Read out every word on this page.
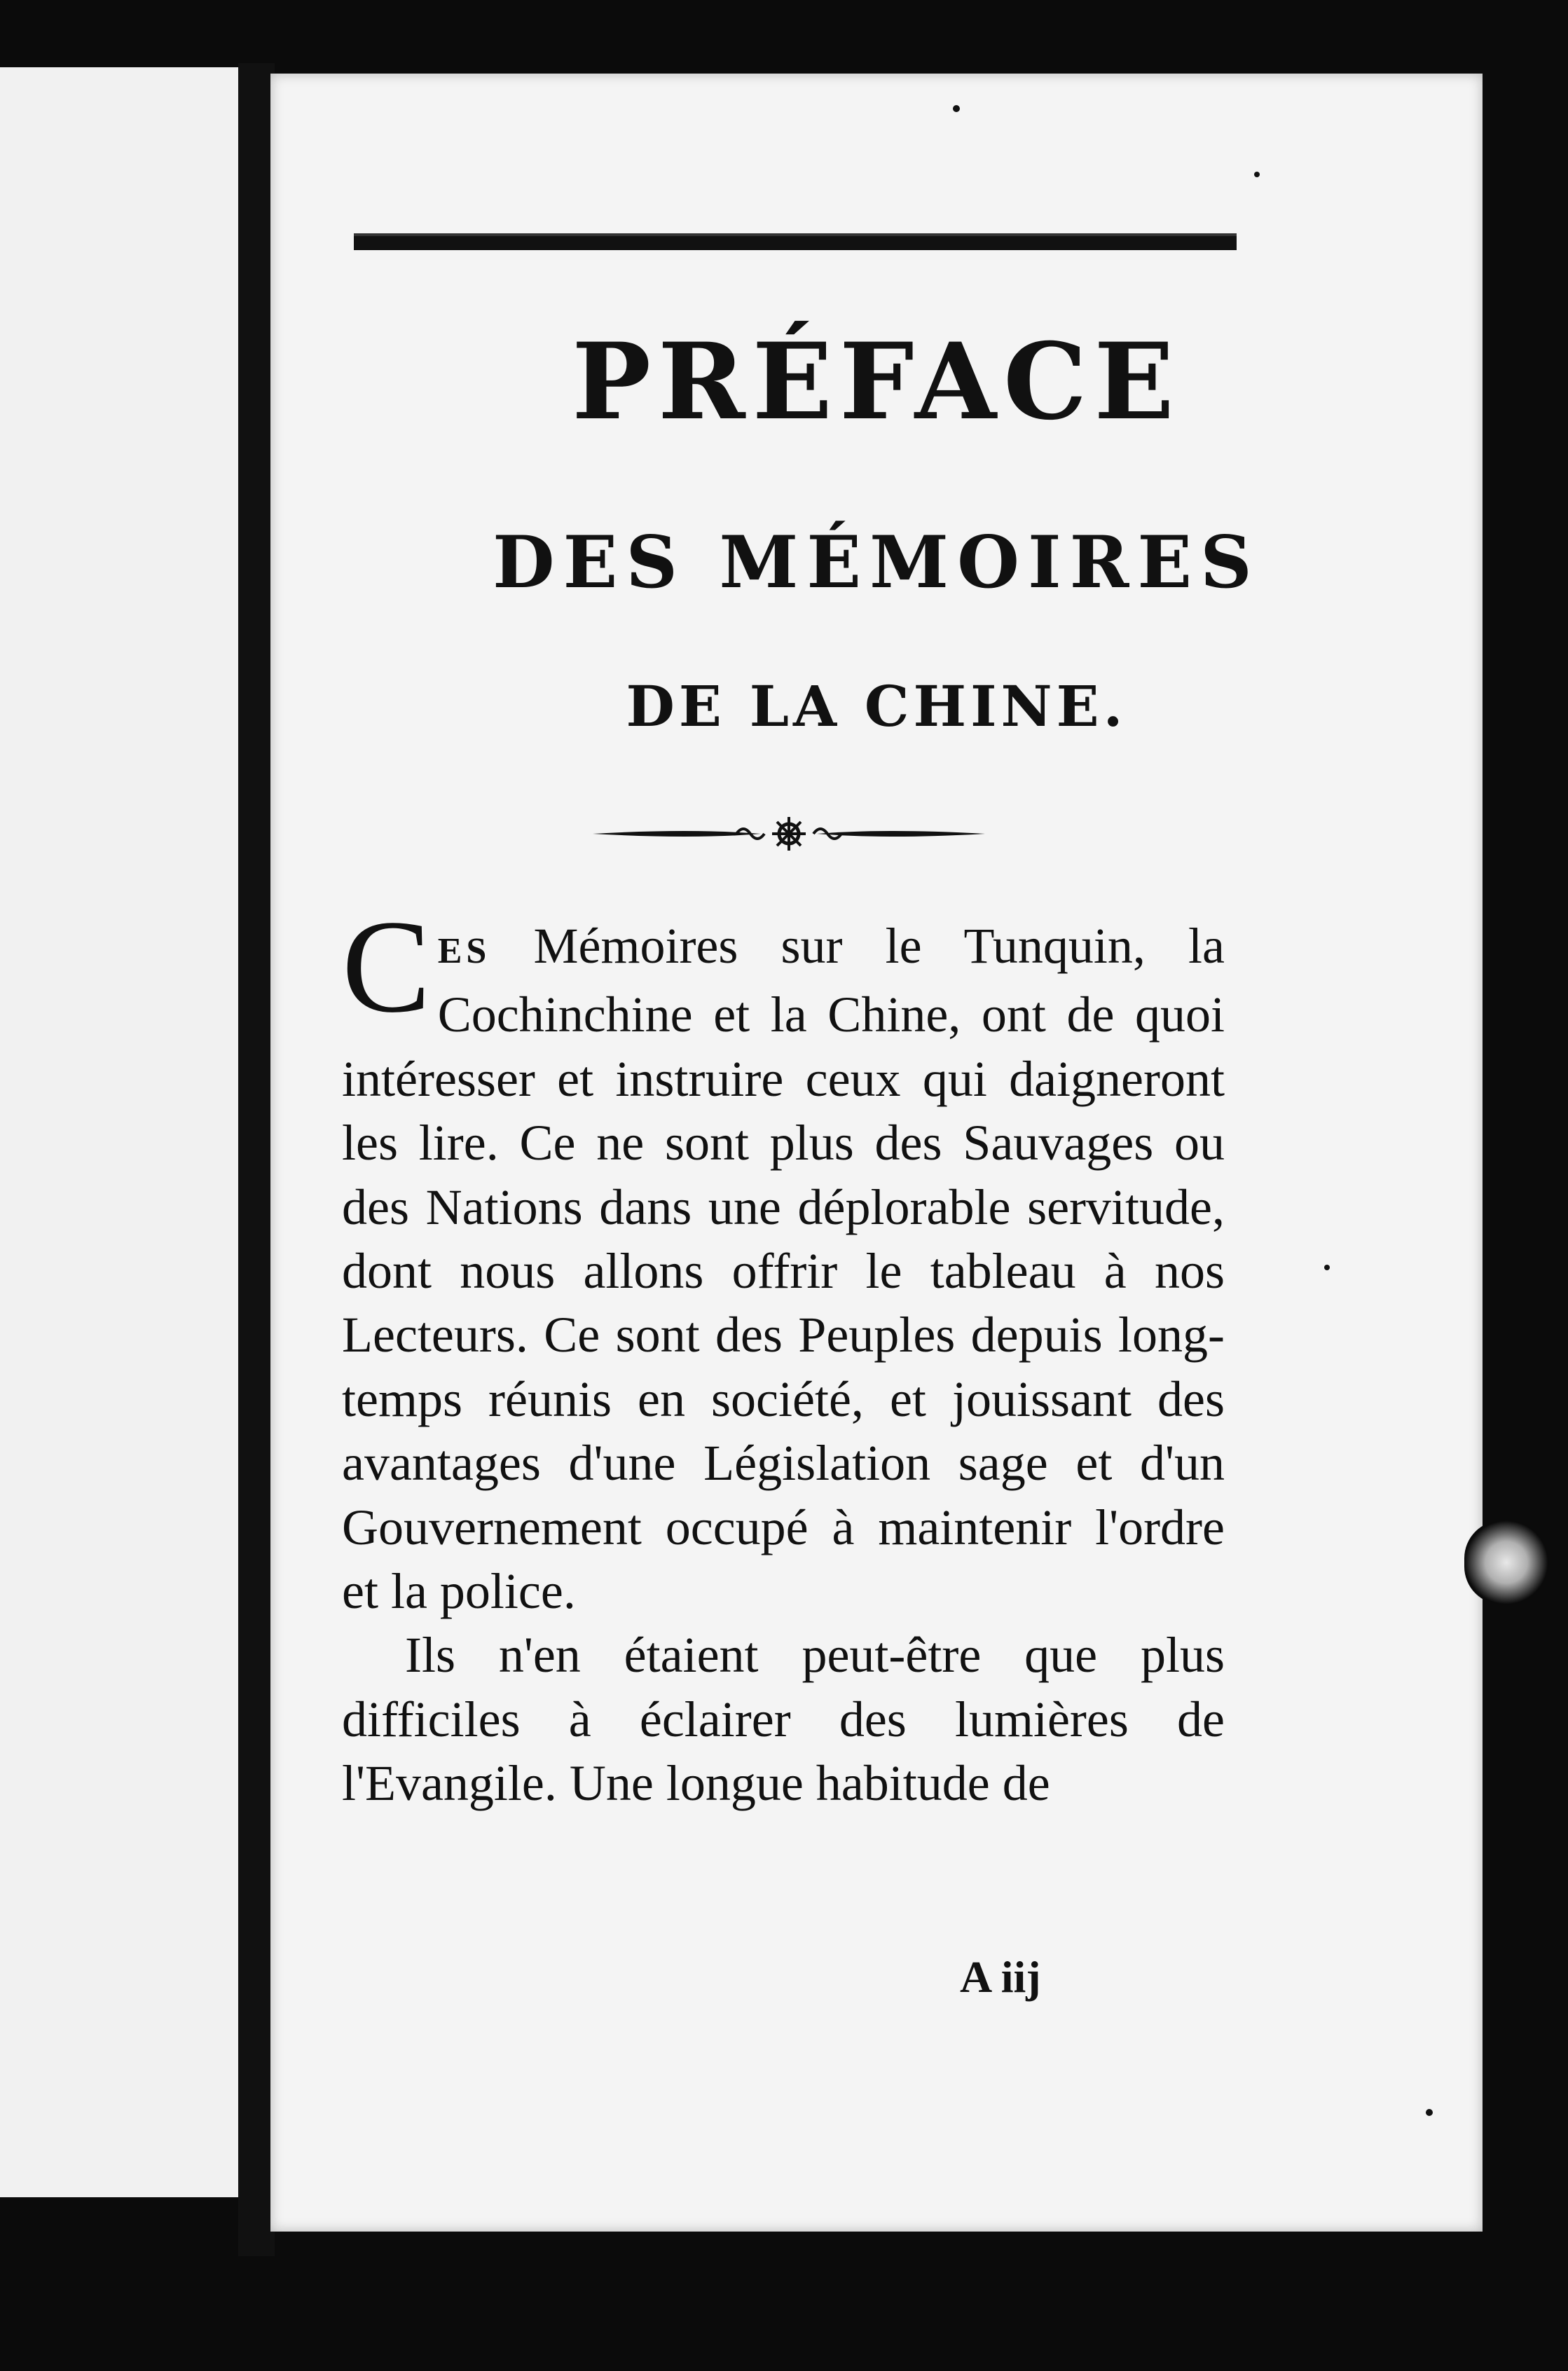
PRÉFACE
DES MÉMOIRES
DE LA CHINE.

CES Mémoires sur le Tunquin, la Cochinchine et la Chine, ont de quoi intéresser et instruire ceux qui daigneront les lire. Ce ne sont plus des Sauvages ou des Nations dans une déplorable servitude, dont nous allons offrir le tableau à nos Lecteurs. Ce sont des Peuples depuis long-temps réunis en société, et jouissant des avantages d'une Législation sage et d'un Gouvernement occupé à maintenir l'ordre et la police.

Ils n'en étaient peut-être que plus difficiles à éclairer des lumières de l'Evangile. Une longue habitude de

A iij
